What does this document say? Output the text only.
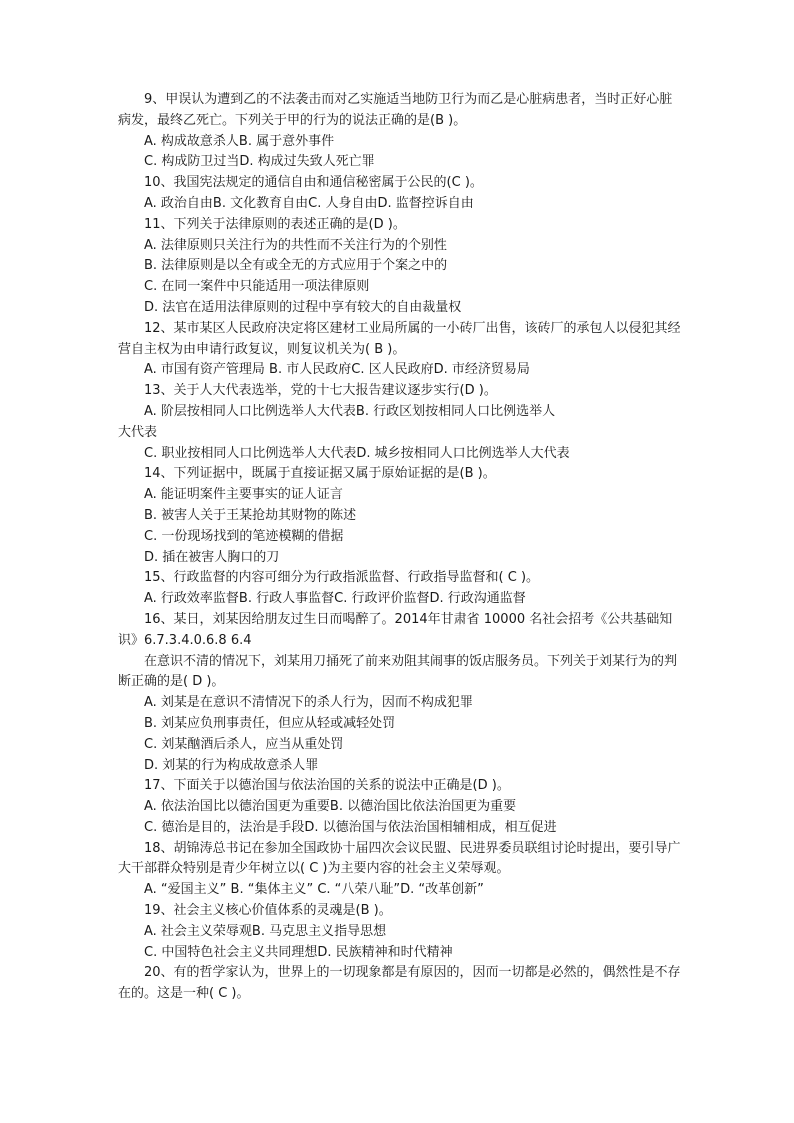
9、甲误认为遭到乙的不法袭击而对乙实施适当地防卫行为而乙是心脏病患者，当时正好心脏病发，最终乙死亡。下列关于甲的行为的说法正确的是(B )。

A. 构成故意杀人B. 属于意外事件

C. 构成防卫过当D. 构成过失致人死亡罪

10、我国宪法规定的通信自由和通信秘密属于公民的(C )。

A. 政治自由B. 文化教育自由C. 人身自由D. 监督控诉自由

11、下列关于法律原则的表述正确的是(D )。

A. 法律原则只关注行为的共性而不关注行为的个别性

B. 法律原则是以全有或全无的方式应用于个案之中的

C. 在同一案件中只能适用一项法律原则

D. 法官在适用法律原则的过程中享有较大的自由裁量权

12、某市某区人民政府决定将区建材工业局所属的一小砖厂出售，该砖厂的承包人以侵犯其经营自主权为由申请行政复议，则复议机关为( B )。

A. 市国有资产管理局 B. 市人民政府C. 区人民政府D. 市经济贸易局

13、关于人大代表选举，党的十七大报告建议逐步实行(D )。

A. 阶层按相同人口比例选举人大代表B. 行政区划按相同人口比例选举人

大代表

C. 职业按相同人口比例选举人大代表D. 城乡按相同人口比例选举人大代表

14、下列证据中，既属于直接证据又属于原始证据的是(B )。

A. 能证明案件主要事实的证人证言

B. 被害人关于王某抢劫其财物的陈述

C. 一份现场找到的笔迹模糊的借据

D. 插在被害人胸口的刀

15、行政监督的内容可细分为行政指派监督、行政指导监督和( C )。

A. 行政效率监督B. 行政人事监督C. 行政评价监督D. 行政沟通监督

16、某日，刘某因给朋友过生日而喝醉了。2014年甘肃省 10000 名社会招考《公共基础知识》6.7.3.4.0.6.8 6.4

在意识不清的情况下，刘某用刀捅死了前来劝阻其闹事的饭店服务员。下列关于刘某行为的判断正确的是( D )。

A. 刘某是在意识不清情况下的杀人行为，因而不构成犯罪

B. 刘某应负刑事责任，但应从轻或减轻处罚

C. 刘某酗酒后杀人，应当从重处罚

D. 刘某的行为构成故意杀人罪

17、下面关于以德治国与依法治国的关系的说法中正确是(D )。

A. 依法治国比以德治国更为重要B. 以德治国比依法治国更为重要

C. 德治是目的，法治是手段D. 以德治国与依法治国相辅相成，相互促进

18、胡锦涛总书记在参加全国政协十届四次会议民盟、民进界委员联组讨论时提出，要引导广大干部群众特别是青少年树立以( C )为主要内容的社会主义荣辱观。

A. “爱国主义” B. “集体主义” C. “八荣八耻”D. “改革创新”

19、社会主义核心价值体系的灵魂是(B )。

A. 社会主义荣辱观B. 马克思主义指导思想

C. 中国特色社会主义共同理想D. 民族精神和时代精神

20、有的哲学家认为，世界上的一切现象都是有原因的，因而一切都是必然的，偶然性是不存在的。这是一种( C )。
